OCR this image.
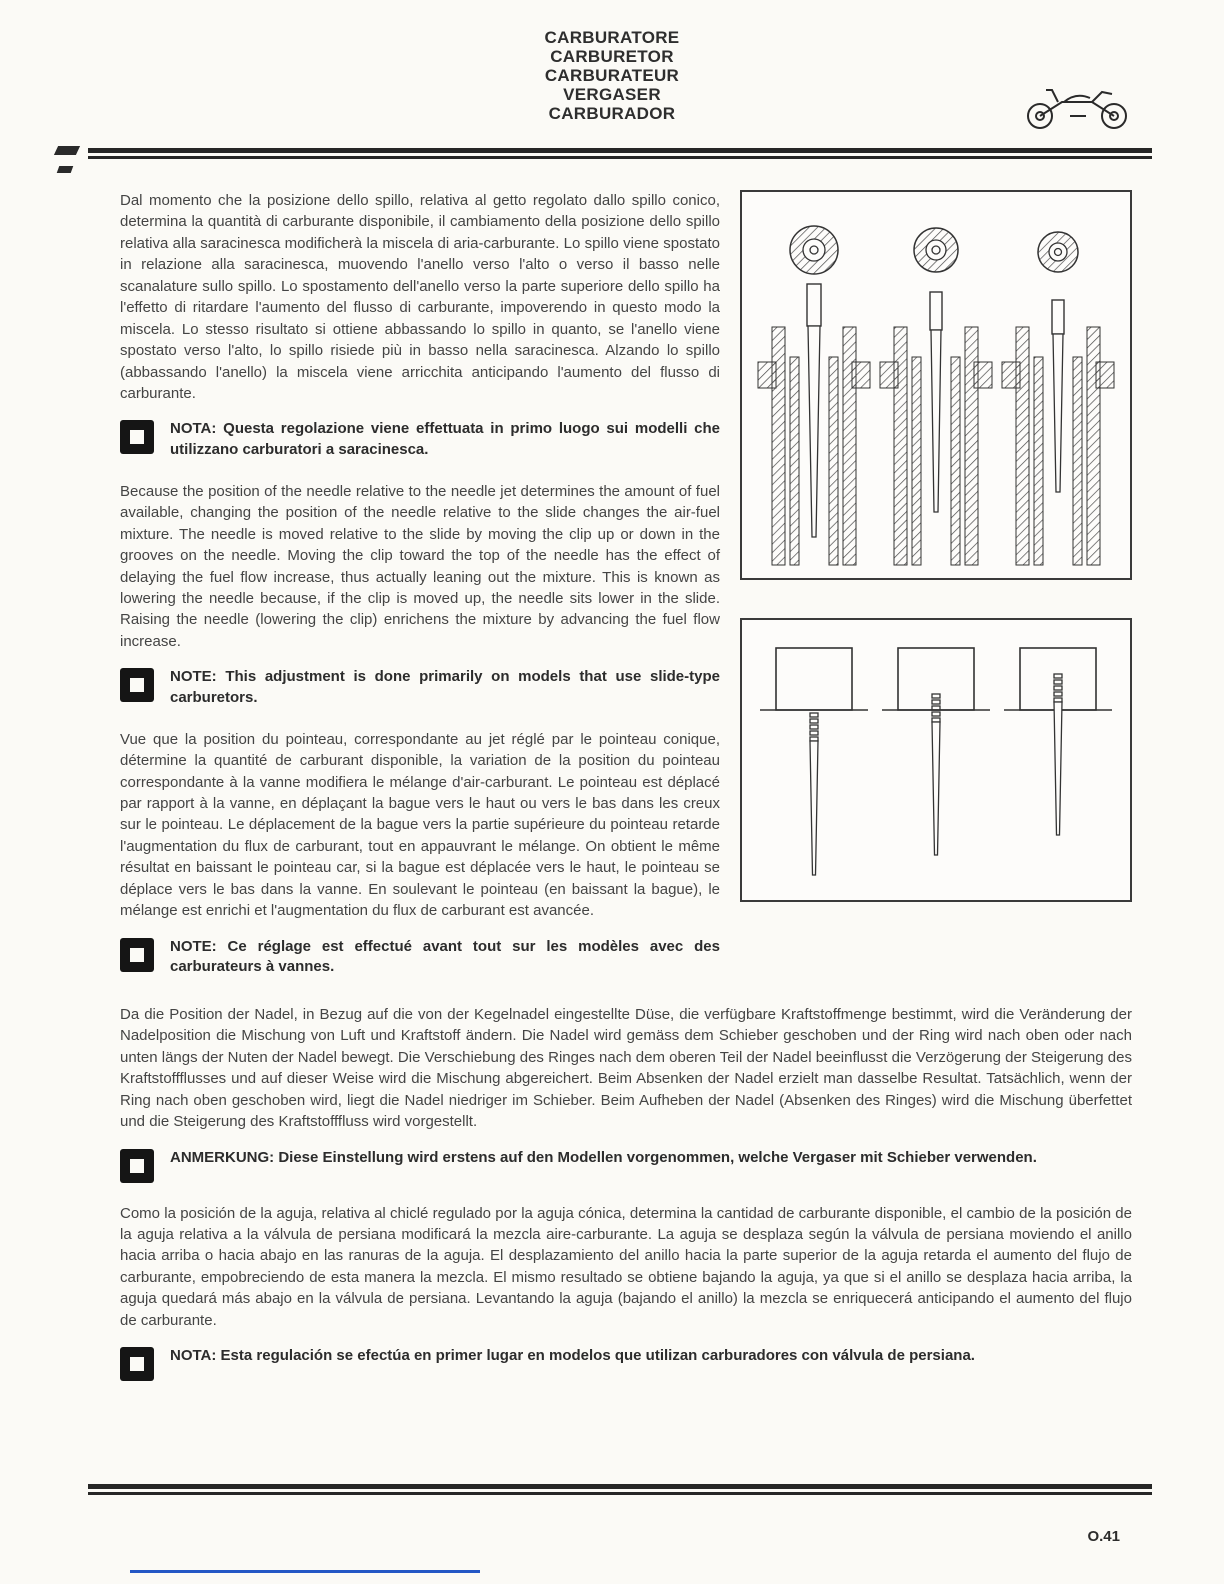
CARBURATORE
CARBURETOR
CARBURATEUR
VERGASER
CARBURADOR

Dal momento che la posizione dello spillo, relativa al getto regolato dallo spillo conico, determina la quantità di carburante disponibile, il cambiamento della posizione dello spillo relativa alla saracinesca modificherà la miscela di aria-carburante. Lo spillo viene spostato in relazione alla saracinesca, muovendo l'anello verso l'alto o verso il basso nelle scanalature sullo spillo. Lo spostamento dell'anello verso la parte superiore dello spillo ha l'effetto di ritardare l'aumento del flusso di carburante, impoverendo in questo modo la miscela. Lo stesso risultato si ottiene abbassando lo spillo in quanto, se l'anello viene spostato verso l'alto, lo spillo risiede più in basso nella saracinesca. Alzando lo spillo (abbassando l'anello) la miscela viene arricchita anticipando l'aumento del flusso di carburante.

NOTA: Questa regolazione viene effettuata in primo luogo sui modelli che utilizzano carburatori a saracinesca.

Because the position of the needle relative to the needle jet determines the amount of fuel available, changing the position of the needle relative to the slide changes the air-fuel mixture. The needle is moved relative to the slide by moving the clip up or down in the grooves on the needle. Moving the clip toward the top of the needle has the effect of delaying the fuel flow increase, thus actually leaning out the mixture. This is known as lowering the needle because, if the clip is moved up, the needle sits lower in the slide. Raising the needle (lowering the clip) enrichens the mixture by advancing the fuel flow increase.

NOTE: This adjustment is done primarily on models that use slide-type carburetors.

Vue que la position du pointeau, correspondante au jet réglé par le pointeau conique, détermine la quantité de carburant disponible, la variation de la position du pointeau correspondante à la vanne modifiera le mélange d'air-carburant. Le pointeau est déplacé par rapport à la vanne, en déplaçant la bague vers le haut ou vers le bas dans les creux sur le pointeau. Le déplacement de la bague vers la partie supérieure du pointeau retarde l'augmentation du flux de carburant, tout en appauvrant le mélange. On obtient le même résultat en baissant le pointeau car, si la bague est déplacée vers le haut, le pointeau se déplace vers le bas dans la vanne. En soulevant le pointeau (en baissant la bague), le mélange est enrichi et l'augmentation du flux de carburant est avancée.

NOTE: Ce réglage est effectué avant tout sur les modèles avec des carburateurs à vannes.

Da die Position der Nadel, in Bezug auf die von der Kegelnadel eingestellte Düse, die verfügbare Kraftstoffmenge bestimmt, wird die Veränderung der Nadelposition die Mischung von Luft und Kraftstoff ändern. Die Nadel wird gemäss dem Schieber geschoben und der Ring wird nach oben oder nach unten längs der Nuten der Nadel bewegt. Die Verschiebung des Ringes nach dem oberen Teil der Nadel beeinflusst die Verzögerung der Steigerung des Kraftstoffflusses und auf dieser Weise wird die Mischung abgereichert. Beim Absenken der Nadel erzielt man dasselbe Resultat. Tatsächlich, wenn der Ring nach oben geschoben wird, liegt die Nadel niedriger im Schieber. Beim Aufheben der Nadel (Absenken des Ringes) wird die Mischung überfettet und die Steigerung des Kraftstofffluss wird vorgestellt.

ANMERKUNG: Diese Einstellung wird erstens auf den Modellen vorgenommen, welche Vergaser mit Schieber verwenden.

Como la posición de la aguja, relativa al chiclé regulado por la aguja cónica, determina la cantidad de carburante disponible, el cambio de la posición de la aguja relativa a la válvula de persiana modificará la mezcla aire-carburante. La aguja se desplaza según la válvula de persiana moviendo el anillo hacia arriba o hacia abajo en las ranuras de la aguja. El desplazamiento del anillo hacia la parte superior de la aguja retarda el aumento del flujo de carburante, empobreciendo de esta manera la mezcla. El mismo resultado se obtiene bajando la aguja, ya que si el anillo se desplaza hacia arriba, la aguja quedará más abajo en la válvula de persiana. Levantando la aguja (bajando el anillo) la mezcla se enriquecerá anticipando el aumento del flujo de carburante.

NOTA: Esta regulación se efectúa en primer lugar en modelos que utilizan carburadores con válvula de persiana.
O.41
